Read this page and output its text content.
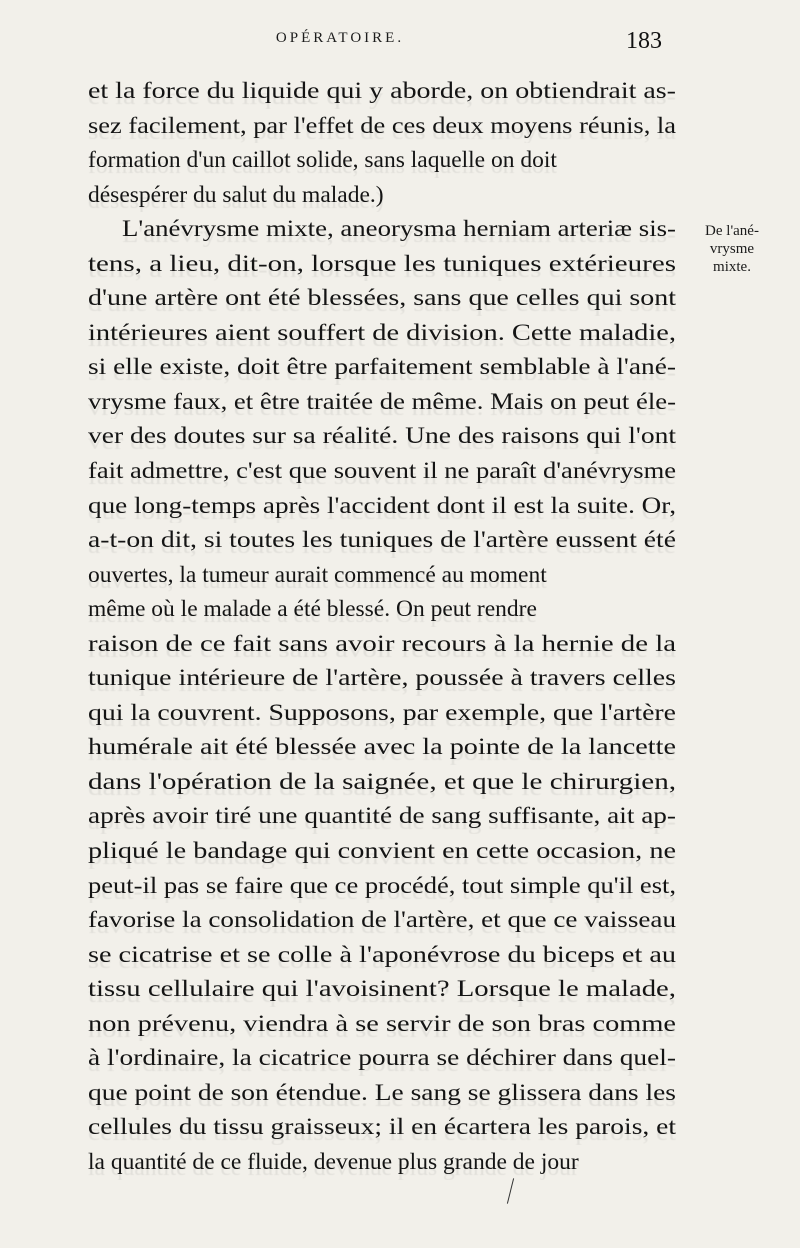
OPÉRATOIRE.	183
De l'ané-
vrysme
mixte.
et la force du liquide qui y aborde, on obtiendrait as-
sez facilement, par l'effet de ces deux moyens réunis, la
formation d'un caillot solide, sans laquelle on doit
désespérer du salut du malade.)
L'anévrysme mixte, aneorysma herniam arteriæ sis-
tens, a lieu, dit-on, lorsque les tuniques extérieures
d'une artère ont été blessées, sans que celles qui sont
intérieures aient souffert de division. Cette maladie,
si elle existe, doit être parfaitement semblable à l'ané-
vrysme faux, et être traitée de même. Mais on peut éle-
ver des doutes sur sa réalité. Une des raisons qui l'ont
fait admettre, c'est que souvent il ne paraît d'anévrysme
que long-temps après l'accident dont il est la suite. Or,
a-t-on dit, si toutes les tuniques de l'artère eussent été
ouvertes, la tumeur aurait commencé au moment
même où le malade a été blessé. On peut rendre
raison de ce fait sans avoir recours à la hernie de la
tunique intérieure de l'artère, poussée à travers celles
qui la couvrent. Supposons, par exemple, que l'artère
humérale ait été blessée avec la pointe de la lancette
dans l'opération de la saignée, et que le chirurgien,
après avoir tiré une quantité de sang suffisante, ait ap-
pliqué le bandage qui convient en cette occasion, ne
peut-il pas se faire que ce procédé, tout simple qu'il est,
favorise la consolidation de l'artère, et que ce vaisseau
se cicatrise et se colle à l'aponévrose du biceps et au
tissu cellulaire qui l'avoisinent? Lorsque le malade,
non prévenu, viendra à se servir de son bras comme
à l'ordinaire, la cicatrice pourra se déchirer dans quel-
que point de son étendue. Le sang se glissera dans les
cellules du tissu graisseux; il en écartera les parois, et
la quantité de ce fluide, devenue plus grande de jour
